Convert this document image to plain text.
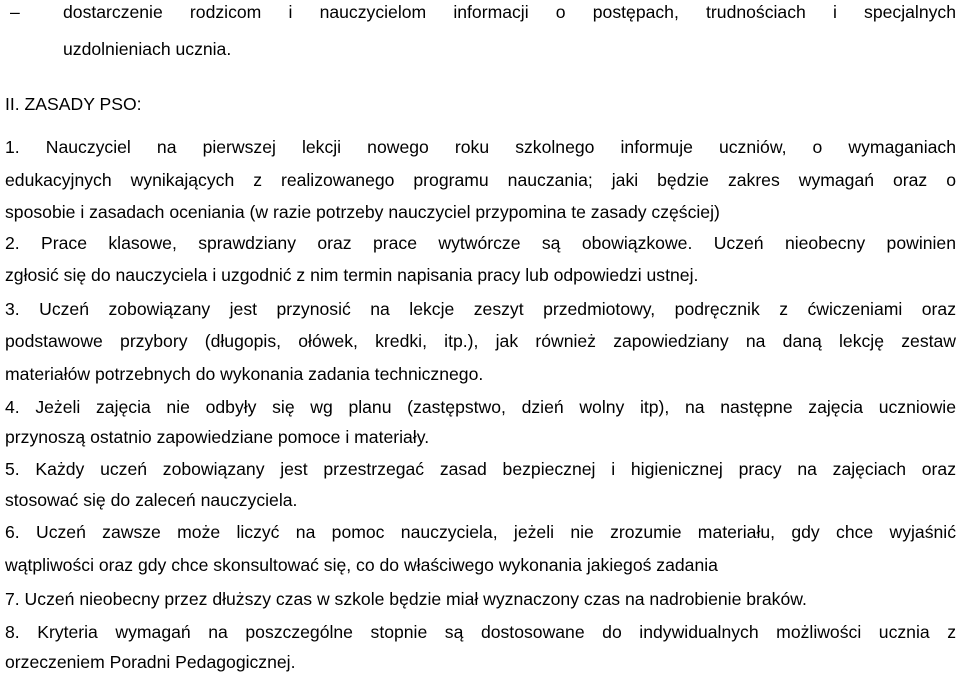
–	dostarczenie rodzicom i nauczycielom informacji o postępach, trudnościach i specjalnych
uzdolnieniach ucznia.
II. ZASADY PSO:
1. Nauczyciel na pierwszej lekcji nowego roku szkolnego informuje uczniów, o wymaganiach
edukacyjnych wynikających z realizowanego programu nauczania; jaki będzie zakres wymagań oraz o
sposobie i zasadach oceniania (w razie potrzeby nauczyciel przypomina te zasady częściej)
2. Prace klasowe, sprawdziany oraz prace wytwórcze są obowiązkowe. Uczeń nieobecny powinien
zgłosić się do nauczyciela i uzgodnić z nim termin napisania pracy lub odpowiedzi ustnej.
3. Uczeń zobowiązany jest przynosić na lekcje zeszyt przedmiotowy, podręcznik z ćwiczeniami oraz
podstawowe przybory (długopis, ołówek, kredki, itp.), jak również zapowiedziany na daną lekcję zestaw
materiałów potrzebnych do wykonania zadania technicznego.
4. Jeżeli zajęcia nie odbyły się wg planu (zastępstwo, dzień wolny itp), na następne zajęcia uczniowie
przynoszą ostatnio zapowiedziane pomoce i materiały.
5. Każdy uczeń zobowiązany jest przestrzegać zasad bezpiecznej i higienicznej pracy na zajęciach oraz
stosować się do zaleceń nauczyciela.
6. Uczeń zawsze może liczyć na pomoc nauczyciela, jeżeli nie zrozumie materiału, gdy chce wyjaśnić
wątpliwości oraz gdy chce skonsultować się, co do właściwego wykonania jakiegoś zadania
7. Uczeń nieobecny przez dłuższy czas w szkole będzie miał wyznaczony czas na nadrobienie braków.
8. Kryteria wymagań na poszczególne stopnie są dostosowane do indywidualnych możliwości ucznia z
orzeczeniem Poradni Pedagogicznej.
